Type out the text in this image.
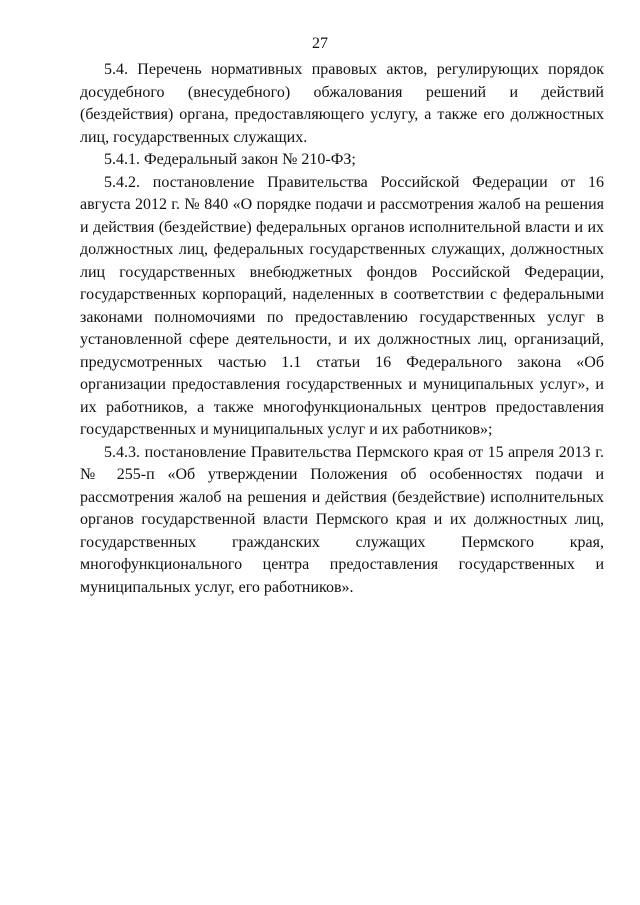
27

5.4. Перечень нормативных правовых актов, регулирующих порядок досудебного (внесудебного) обжалования решений и действий (бездействия) органа, предоставляющего услугу, а также его должностных лиц, государственных служащих.

5.4.1. Федеральный закон № 210-ФЗ;

5.4.2. постановление Правительства Российской Федерации от 16 августа 2012 г. № 840 «О порядке подачи и рассмотрения жалоб на решения и действия (бездействие) федеральных органов исполнительной власти и их должностных лиц, федеральных государственных служащих, должностных лиц государственных внебюджетных фондов Российской Федерации, государственных корпораций, наделенных в соответствии с федеральными законами полномочиями по предоставлению государственных услуг в установленной сфере деятельности, и их должностных лиц, организаций, предусмотренных частью 1.1 статьи 16 Федерального закона «Об организации предоставления государственных и муниципальных услуг», и их работников, а также многофункциональных центров предоставления государственных и муниципальных услуг и их работников»;

5.4.3. постановление Правительства Пермского края от 15 апреля 2013 г. № 255-п «Об утверждении Положения об особенностях подачи и рассмотрения жалоб на решения и действия (бездействие) исполнительных органов государственной власти Пермского края и их должностных лиц, государственных гражданских служащих Пермского края, многофункционального центра предоставления государственных и муниципальных услуг, его работников».
